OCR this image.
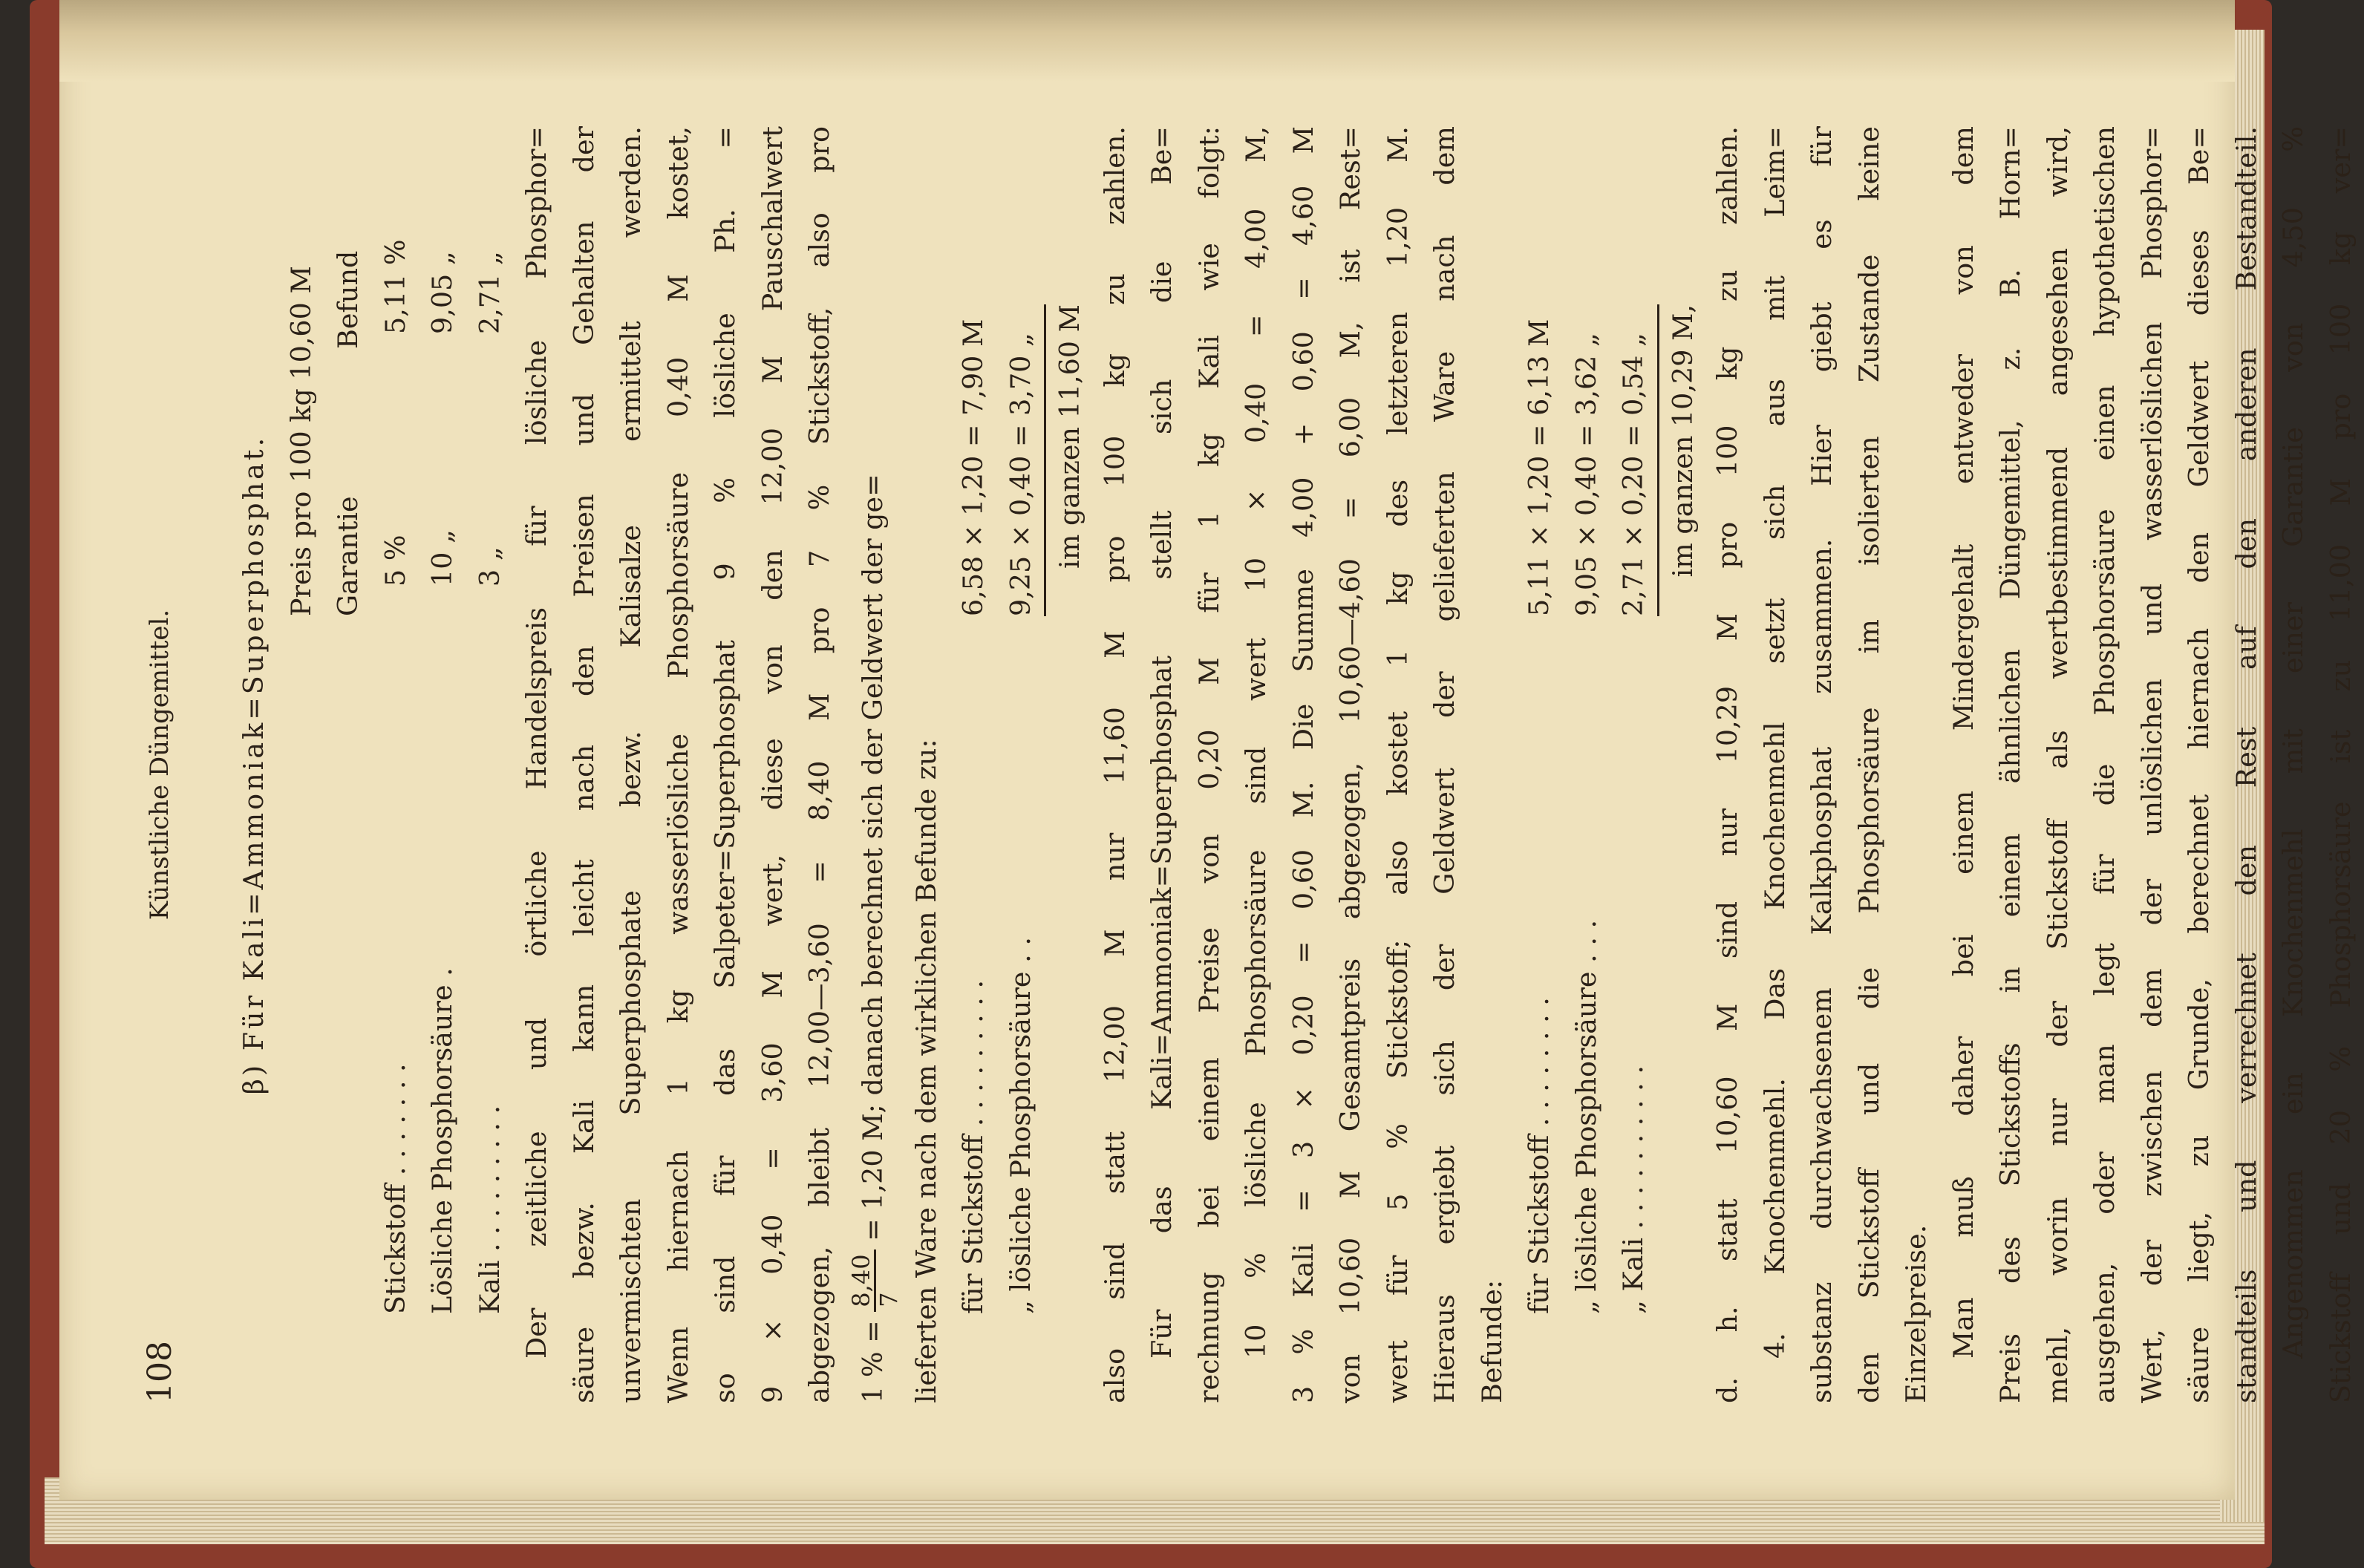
108
Künstliche Düngemittel. β) Für Kali=Ammoniak=Superphosphat. Preis pro 100 kg 10,60 M Garantie
Befund
Stickstoff . . . . . . .
5 %
5,11 %
Lösliche Phosphorsäure .
10 „
9,05 „
Kali . . . . . . . . .
3 „
2,71 „ Der zeitliche und örtliche Handelspreis für lösliche Phosphor= säure bezw. Kali kann leicht nach den Preisen und Gehalten der unvermischten Superphosphate bezw. Kalisalze ermittelt werden. Wenn hiernach 1 kg wasserlösliche Phosphorsäure 0,40 M kostet, so sind für das Salpeter=Superphosphat 9 % lösliche Ph. = 9 × 0,40 = 3,60 M wert, diese von den 12,00 M Pauschalwert abgezogen, bleibt 12,00—3,60 = 8,40 M pro 7 % Stickstoff, also pro 1 % =
8,40 7
= 1,20 M; danach berechnet sich der Geldwert der ge= lieferten Ware nach dem wirklichen Befunde zu: für Stickstoff . . . . . . . . .
6,58 × 1,20 = 7,90 M
„ lösliche Phosphorsäure . .
9,25 × 0,40 = 3,70 „ im ganzen 11,60 M also sind statt 12,00 M nur 11,60 M pro 100 kg zu zahlen. Für das Kali=Ammoniak=Superphosphat stellt sich die Be= rechnung bei einem Preise von 0,20 M für 1 kg Kali wie folgt: 10 % lösliche Phosphorsäure sind wert 10 × 0,40 = 4,00 M, 3 % Kali = 3 × 0,20 = 0,60 M. Die Summe 4,00 + 0,60 = 4,60 M von 10,60 M Gesamtpreis abgezogen, 10,60—4,60 = 6,00 M, ist Rest= wert für 5 % Stickstoff; also kostet 1 kg des letzteren 1,20 M. Hieraus ergiebt sich der Geldwert der gelieferten Ware nach dem Befunde:
für Stickstoff . . . . . . . .
5,11 × 1,20 = 6,13 M
„ lösliche Phosphorsäure . . .
9,05 × 0,40 = 3,62 „
„ Kali . . . . . . . . . .
2,71 × 0,20 = 0,54 „ im ganzen 10,29 M, d. h. statt 10,60 M sind nur 10,29 M pro 100 kg zu zahlen. 4. Knochenmehl. Das Knochenmehl setzt sich aus mit Leim= substanz durchwachsenem Kalkphosphat zusammen. Hier giebt es für den Stickstoff und die Phosphorsäure im isolierten Zustande keine Einzelpreise. Man muß daher bei einem Mindergehalt entweder von dem Preis des Stickstoffs in einem ähnlichen Düngemittel, z. B. Horn= mehl, worin nur der Stickstoff als wertbestimmend angesehen wird, ausgehen, oder man legt für die Phosphorsäure einen hypothetischen Wert, der zwischen dem der unlöslichen und wasserlöslichen Phosphor= säure liegt, zu Grunde, berechnet hiernach den Geldwert dieses Be= standteils und verrechnet den Rest auf den anderen Bestandteil. Angenommen ein Knochenmehl mit einer Garantie von 4,50 % Stickstoff und 20 % Phosphorsäure ist zu 11,00 M pro 100 kg ver=
